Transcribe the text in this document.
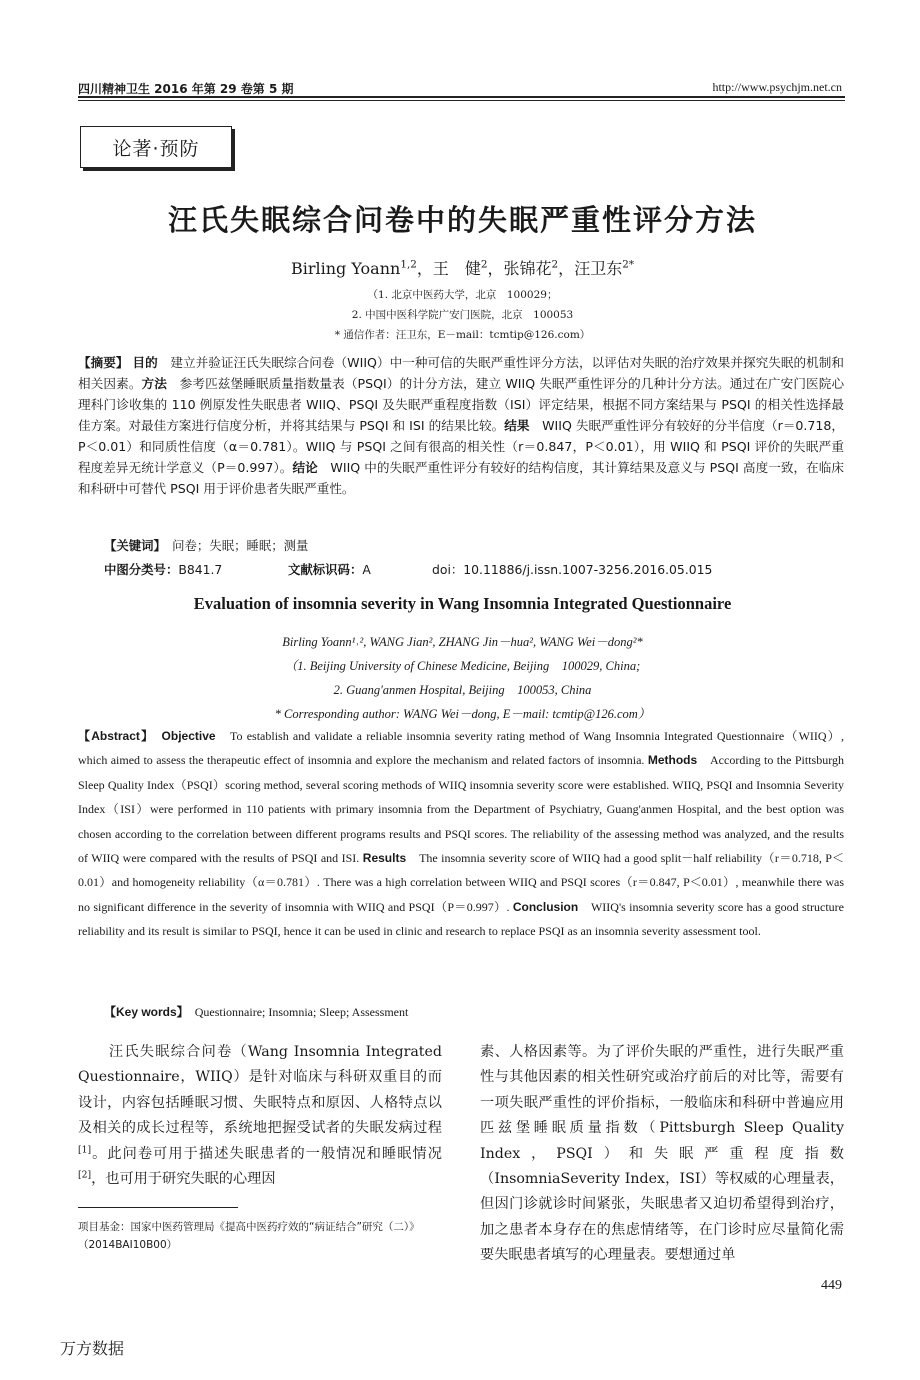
四川精神卫生 2016 年第 29 卷第 5 期	http://www.psychjm.net.cn
论著·预防
汪氏失眠综合问卷中的失眠严重性评分方法
Birling Yoann$^{1,2}$，王　健$^2$，张锦花$^2$，汪卫东$^{2*}$
（1. 北京中医药大学，北京　100029；
2. 中国中医科学院广安门医院，北京　100053
* 通信作者：汪卫东，E－mail：tcmtip@126.com）
【摘要】 目的　 建立并验证汪氏失眠综合问卷（WIIQ）中一种可信的失眠严重性评分方法，以评估对失眠的治疗效果并探究失眠的机制和相关因素。方法　 参考匹兹堡睡眠质量指数量表（PSQI）的计分方法，建立 WIIQ 失眠严重性评分的几种计分方法。通过在广安门医院心理科门诊收集的 110 例原发性失眠患者 WIIQ、PSQI 及失眠严重程度指数（ISI）评定结果，根据不同方案结果与 PSQI 的相关性选择最佳方案。对最佳方案进行信度分析，并将其结果与 PSQI 和 ISI 的结果比较。结果　 WIIQ 失眠严重性评分有较好的分半信度（r＝0.718，P＜0.01）和同质性信度（α＝0.781）。WIIQ 与 PSQI 之间有很高的相关性（r＝0.847，P＜0.01），用 WIIQ 和 PSQI 评价的失眠严重程度差异无统计学意义（P＝0.997）。结论　 WIIQ 中的失眠严重性评分有较好的结构信度，其计算结果及意义与 PSQI 高度一致，在临床和科研中可替代 PSQI 用于评价患者失眠严重性。
【关键词】　 问卷；失眠；睡眠；测量
中图分类号：B841.7	文献标识码：A	doi：10.11886/j.issn.1007-3256.2016.05.015
Evaluation of insomnia severity in Wang Insomnia Integrated Questionnaire
Birling Yoann¹˒², WANG Jian², ZHANG Jin－hua², WANG Wei－dong²*
（1. Beijing University of Chinese Medicine, Beijing　100029, China;
2. Guang'anmen Hospital, Beijing　100053, China
* Corresponding author: WANG Wei－dong, E－mail: tcmtip@126.com）
【Abstract】　 Objective　 To establish and validate a reliable insomnia severity rating method of Wang Insomnia Integrated Questionnaire（WIIQ）, which aimed to assess the therapeutic effect of insomnia and explore the mechanism and related factors of insomnia. Methods　 According to the Pittsburgh Sleep Quality Index（PSQI）scoring method, several scoring methods of WIIQ insomnia severity score were established. WIIQ, PSQI and Insomnia Severity Index（ISI）were performed in 110 patients with primary insomnia from the Department of Psychiatry, Guang'anmen Hospital, and the best option was chosen according to the correlation between different programs results and PSQI scores. The reliability of the assessing method was analyzed, and the results of WIIQ were compared with the results of PSQI and ISI. Results　 The insomnia severity score of WIIQ had a good split－half reliability（r＝0.718, P＜0.01）and homogeneity reliability（α＝0.781）. There was a high correlation between WIIQ and PSQI scores（r＝0.847, P＜0.01）, meanwhile there was no significant difference in the severity of insomnia with WIIQ and PSQI（P＝0.997）. Conclusion　 WIIQ's insomnia severity score has a good structure reliability and its result is similar to PSQI, hence it can be used in clinic and research to replace PSQI as an insomnia severity assessment tool.
【Key words】　 Questionnaire; Insomnia; Sleep; Assessment
　　汪氏失眠综合问卷（Wang Insomnia Integrated Questionnaire，WIIQ）是针对临床与科研双重目的而设计，内容包括睡眠习惯、失眠特点和原因、人格特点以及相关的成长过程等，系统地把握受试者的失眠发病过程[1]。此问卷可用于描述失眠患者的一般情况和睡眠情况[2]，也可用于研究失眠的心理因
素、人格因素等。为了评价失眠的严重性，进行失眠严重性与其他因素的相关性研究或治疗前后的对比等，需要有一项失眠严重性的评价指标，一般临床和科研中普遍应用匹兹堡睡眠质量指数（Pittsburgh Sleep Quality Index，PSQI）和失眠严重程度指数（InsomniaSeverity Index，ISI）等权威的心理量表，但因门诊就诊时间紧张，失眠患者又迫切希望得到治疗，加之患者本身存在的焦虑情绪等，在门诊时应尽量简化需要失眠患者填写的心理量表。要想通过单
项目基金：国家中医药管理局《提高中医药疗效的“病证结合”研究（二）》（2014BAI10B00）
449
万方数据
